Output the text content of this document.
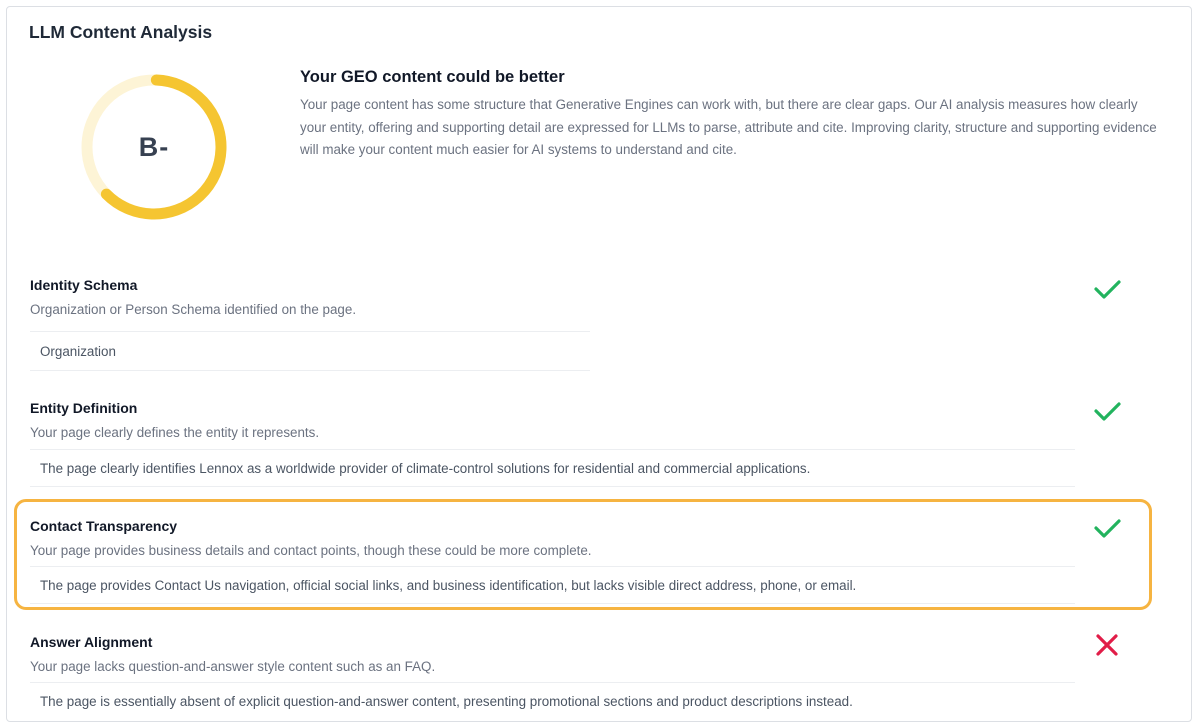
LLM Content Analysis
B-
Your GEO content could be better
Your page content has some structure that Generative Engines can work with, but there are clear gaps. Our AI analysis measures how clearly your entity, offering and supporting detail are expressed for LLMs to parse, attribute and cite. Improving clarity, structure and supporting evidence will make your content much easier for AI systems to understand and cite.
Identity Schema
Organization or Person Schema identified on the page.
Organization
Entity Definition
Your page clearly defines the entity it represents.
The page clearly identifies Lennox as a worldwide provider of climate-control solutions for residential and commercial applications.
Contact Transparency
Your page provides business details and contact points, though these could be more complete.
The page provides Contact Us navigation, official social links, and business identification, but lacks visible direct address, phone, or email.
Answer Alignment
Your page lacks question-and-answer style content such as an FAQ.
The page is essentially absent of explicit question-and-answer content, presenting promotional sections and product descriptions instead.
